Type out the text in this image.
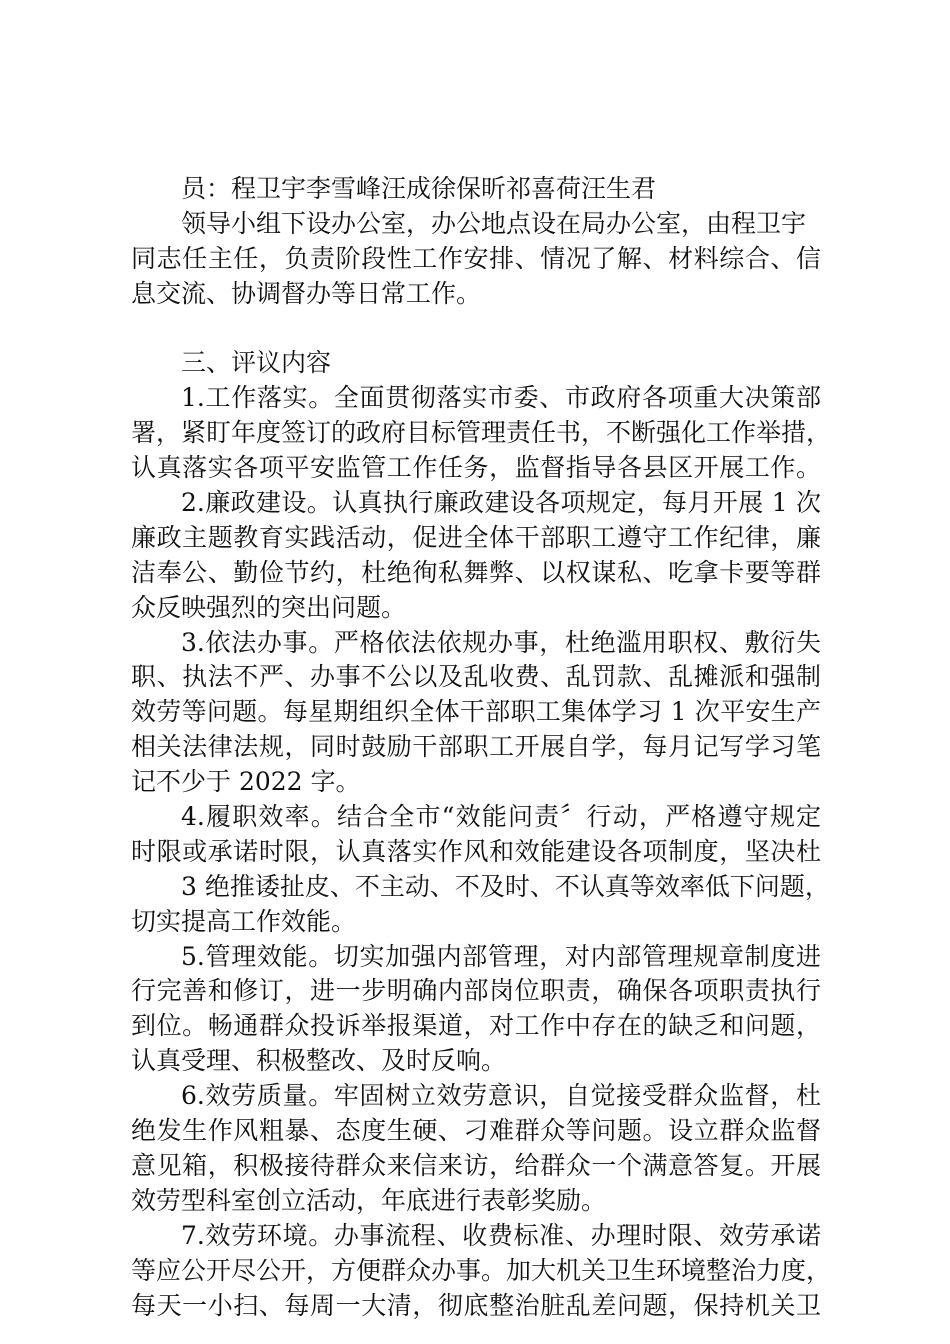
员：程卫宇李雪峰汪成徐保昕祁喜荷汪生君
领导小组下设办公室，办公地点设在局办公室，由程卫宇
同志任主任，负责阶段性工作安排、情况了解、材料综合、信
息交流、协调督办等日常工作。
三、评议内容
1.工作落实。全面贯彻落实市委、市政府各项重大决策部
署，紧盯年度签订的政府目标管理责任书，不断强化工作举措，
认真落实各项平安监管工作任务，监督指导各县区开展工作。
2.廉政建设。认真执行廉政建设各项规定，每月开展 1 次
廉政主题教育实践活动，促进全体干部职工遵守工作纪律，廉
洁奉公、勤俭节约，杜绝徇私舞弊、以权谋私、吃拿卡要等群
众反映强烈的突出问题。
3.依法办事。严格依法依规办事，杜绝滥用职权、敷衍失
职、执法不严、办事不公以及乱收费、乱罚款、乱摊派和强制
效劳等问题。每星期组织全体干部职工集体学习 1 次平安生产
相关法律法规，同时鼓励干部职工开展自学，每月记写学习笔
记不少于 2022 字。
4.履职效率。结合全市“效能问责〞行动，严格遵守规定
时限或承诺时限，认真落实作风和效能建设各项制度，坚决杜
3 绝推诿扯皮、不主动、不及时、不认真等效率低下问题，
切实提高工作效能。
5.管理效能。切实加强内部管理，对内部管理规章制度进
行完善和修订，进一步明确内部岗位职责，确保各项职责执行
到位。畅通群众投诉举报渠道，对工作中存在的缺乏和问题，
认真受理、积极整改、及时反响。
6.效劳质量。牢固树立效劳意识，自觉接受群众监督，杜
绝发生作风粗暴、态度生硬、刁难群众等问题。设立群众监督
意见箱，积极接待群众来信来访，给群众一个满意答复。开展
效劳型科室创立活动，年底进行表彰奖励。
7.效劳环境。办事流程、收费标准、办理时限、效劳承诺
等应公开尽公开，方便群众办事。加大机关卫生环境整治力度，
每天一小扫、每周一大清，彻底整治脏乱差问题，保持机关卫
